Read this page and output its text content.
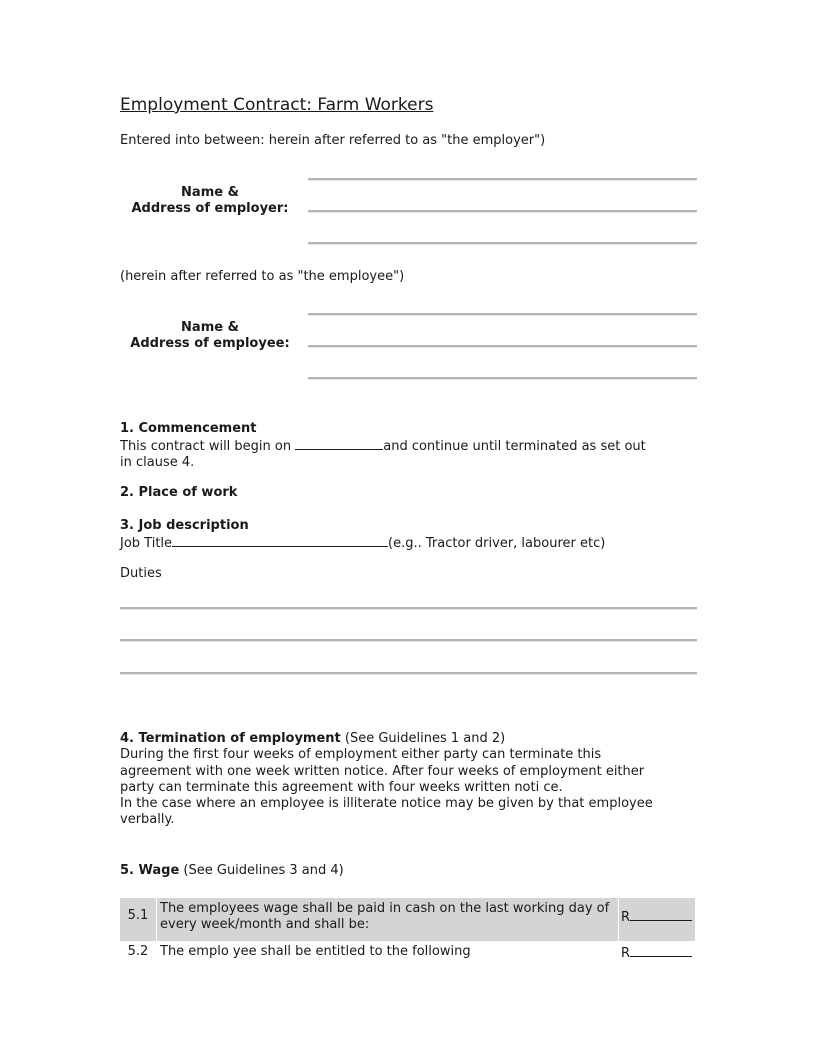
Employment Contract: Farm Workers
Entered into between: herein after referred to as "the employer")
Name &
Address of employer:
(herein after referred to as "the employee")
Name &
Address of employee:
1. Commencement
This contract will begin on	and continue until terminated as set out
in clause 4.
2. Place of work
3. Job description
Job Title	(e.g.. Tractor driver, labourer etc)
Duties
4. Termination of employment (See Guidelines 1 and 2)
During the first four weeks of employment either party can terminate this
agreement with one week written notice. After four weeks of employment either
party can terminate this agreement with four weeks written noti ce.
In the case where an employee is illiterate notice may be given by that employee
verbally.
5. Wage (See Guidelines 3 and 4)
5.1	The employees wage shall be paid in cash on the last working day of every week/month and shall be:	R
5.2	The emplo yee shall be entitled to the following	R
